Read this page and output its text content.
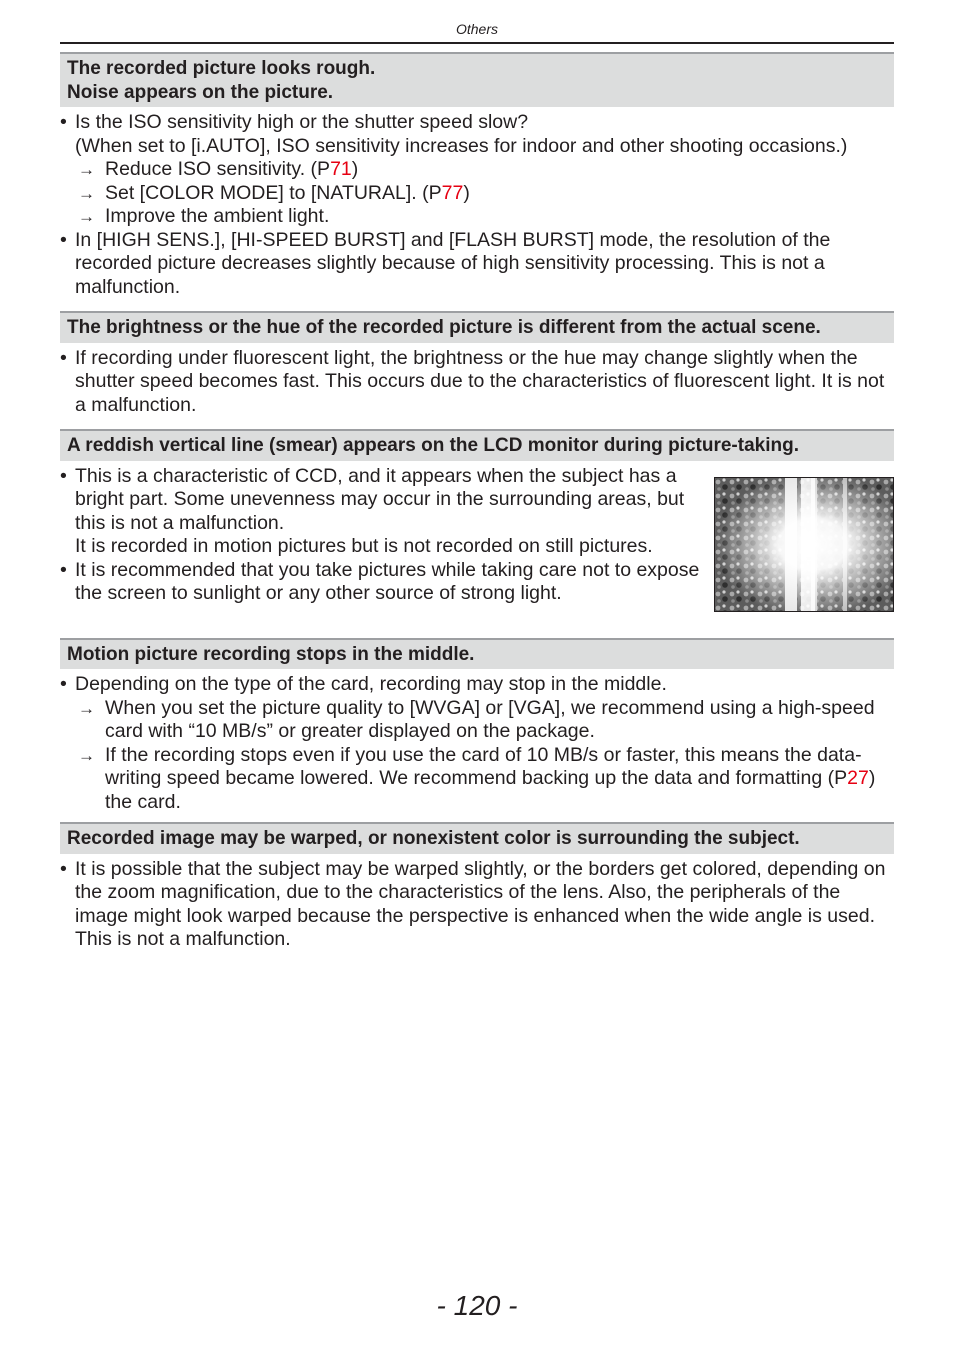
Others
The recorded picture looks rough.
Noise appears on the picture.
• Is the ISO sensitivity high or the shutter speed slow?
(When set to [i.AUTO], ISO sensitivity increases for indoor and other shooting occasions.)
→ Reduce ISO sensitivity. (P71)
→ Set [COLOR MODE] to [NATURAL]. (P77)
→ Improve the ambient light.
• In [HIGH SENS.], [HI-SPEED BURST] and [FLASH BURST] mode, the resolution of the recorded picture decreases slightly because of high sensitivity processing. This is not a malfunction.
The brightness or the hue of the recorded picture is different from the actual scene.
• If recording under fluorescent light, the brightness or the hue may change slightly when the shutter speed becomes fast. This occurs due to the characteristics of fluorescent light. It is not a malfunction.
A reddish vertical line (smear) appears on the LCD monitor during picture-taking.
• This is a characteristic of CCD, and it appears when the subject has a bright part. Some unevenness may occur in the surrounding areas, but this is not a malfunction.
It is recorded in motion pictures but is not recorded on still pictures.
• It is recommended that you take pictures while taking care not to expose the screen to sunlight or any other source of strong light.
Motion picture recording stops in the middle.
• Depending on the type of the card, recording may stop in the middle.
→ When you set the picture quality to [WVGA] or [VGA], we recommend using a high-speed card with “10 MB/s” or greater displayed on the package.
→ If the recording stops even if you use the card of 10 MB/s or faster, this means the data-writing speed became lowered. We recommend backing up the data and formatting (P27) the card.
Recorded image may be warped, or nonexistent color is surrounding the subject.
• It is possible that the subject may be warped slightly, or the borders get colored, depending on the zoom magnification, due to the characteristics of the lens. Also, the peripherals of the image might look warped because the perspective is enhanced when the wide angle is used. This is not a malfunction.
- 120 -
